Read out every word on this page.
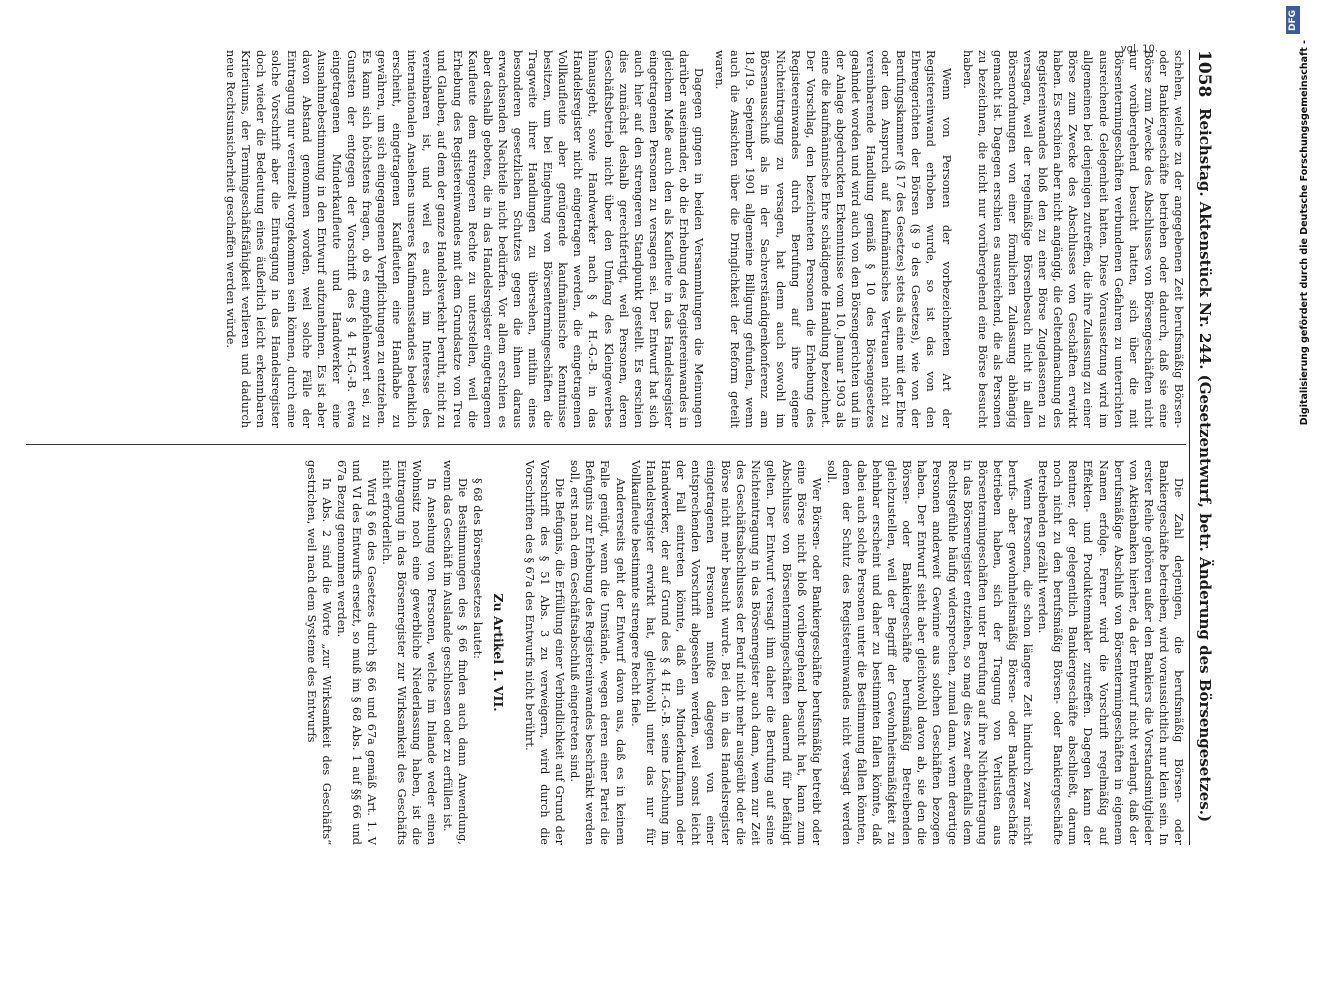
DFG
Digitalisierung gefördert durch die Deutsche Forschungsgemeinschaft -
1058
Reichstag. Aktenstück Nr. 244. (Gesetzentwurf, betr. Änderung des Börsengesetzes.)

schehen, welche zu der angegebenen Zeit berufsmäßig Börsen- oder Bankiergeschäfte betrieben oder dadurch, daß sie eine Börse zum Zwecke des Abschlusses von Börsengeschäften nicht nur vorübergehend besucht hatten, sich über die mit Börsentermingeschäften verbundenen Gefahren zu unterrichten ausreichende Gelegenheit hatten. Diese Voraussetzung wird im allgemeinen bei denjenigen zutreffen, die ihre Zulassung zu einer Börse zum Zwecke des Abschlusses von Geschäften erwirkt haben. Es erschien aber nicht angängig, die Geltendmachung des Registereinwandes bloß den zu einer Börse Zugelassenen zu versagen, weil der regelmäßige Börsenbesuch nicht in allen Börsenordnungen von einer förmlichen Zulassung abhängig gemacht ist. Dagegen erschien es ausreichend, die als Personen zu bezeichnen, die nicht nur vorübergehend eine Börse besucht haben.

Wenn von Personen der vorbezeichneten Art der Registereinwand erhoben wurde, so ist das von den Ehrengerichten der Börsen (§ 9 des Gesetzes), wie von der Berufungskammer (§ 17 des Gesetzes) stets als eine mit der Ehre oder dem Anspruch auf kaufmännisches Vertrauen nicht zu vereinbarende Handlung gemäß § 10 des Börsengesetzes geahndet worden und wird auch von den Börsengerichten und in der Anlage abgedruckten Erkenntnisse vom 10. Januar 1903 als eine die kaufmännische Ehre schädigende Handlung bezeichnet. Der Vorschlag, den bezeichneten Personen die Erhebung des Registereinwandes durch Berufung auf ihre eigene Nichteintragung zu versagen, hat denn auch sowohl im Börsenausschuß als in der Sachverständigenkonferenz am 18./19. September 1901 allgemeine Billigung gefunden, wenn auch die Ansichten über die Dringlichkeit der Reform geteilt waren.

Dagegen gingen in beiden Versammlungen die Meinungen darüber auseinander, ob die Erhebung des Registereinwandes in gleichem Maße auch den als Kaufleute in das Handelsregister eingetragenen Personen zu versagen sei. Der Entwurf hat sich auch hier auf den strengeren Standpunkt gestellt. Es erschien dies zunächst deshalb gerechtfertigt, weil Personen, deren Geschäftsbetrieb nicht über den Umfang des Kleingewerbes hinausgeht, sowie Handwerker nach § 4 H.-G.-B. in das Handelsregister nicht eingetragen werden, die eingetragenen Vollkaufleute aber genügende kaufmännische Kenntnisse besitzen, um bei Eingehung von Börsentermingeschäften die Tragweite ihrer Handlungen zu übersehen, mithin eines besonderen gesetzlichen Schutzes gegen die ihnen daraus erwachsenden Nachteile nicht bedürfen. Vor allem erschien es aber deshalb geboten, die in das Handelsregister eingetragenen Kaufleute dem strengeren Rechte zu unterstellen, weil die Erhebung des Registereinwandes mit dem Grundsatze von Treu und Glauben, auf dem der ganze Handelsverkehr beruht, nicht zu vereinbaren ist, und weil es auch im Interesse des internationalen Ansehens unseres Kaufmannsstandes bedenklich erscheint, eingetragenen Kaufleuten eine Handhabe zu gewähren, um sich eingegangenen Verpflichtungen zu entziehen. Es kann sich höchstens fragen, ob es empfehlenswert sei, zu Gunsten der entgegen der Vorschrift des § 4 H.-G.-B. etwa eingetragenen Minderkaufleute und Handwerker eine Ausnahmebestimmung in den Entwurf aufzunehmen. Es ist aber davon Abstand genommen worden, weil solche Fälle der Eintragung nur vereinzelt vorgekommen sein können, durch eine solche Vorschrift aber die Eintragung in das Handelsregister doch wieder die Bedeutung eines äußerlich leicht erkennbaren Kriteriums, der Termingeschäftsfähigkeit verlieren und dadurch neue Rechtsunsicherheit geschaffen werden würde.

vgl. 10.

Die Zahl derjenigen, die berufsmäßig Börsen- oder Bankiergeschäfte betreiben, wird voraussichtlich nur klein sein. In erster Reihe gehören außer den Bankiers die Vorstandsmitglieder von Aktienbanken hierher, da der Entwurf nicht verlangt, daß der berufsmäßige Abschluß von Börsentermingeschäften in eigenem Namen erfolge. Ferner wird die Vorschrift regelmäßig auf Effekten- und Produktenmakler zutreffen. Dagegen kann der Rentner, der gelegentlich Bankiergeschäfte abschließt, darum noch nicht zu den berufsmäßig Börsen- oder Bankiergeschäfte Betreibenden gezählt werden.

Wenn Personen, die schon längere Zeit hindurch zwar nicht berufs- aber gewohnheitsmäßig Börsen- oder Bankiergeschäfte betrieben haben, sich der Tragung von Verlusten aus Börsentermingeschäften unter Berufung auf ihre Nichteintragung in das Börsenregister entziehen, so mag dies zwar ebenfalls dem Rechtsgefühle häufig widersprechen, zumal dann, wenn derartige Personen anderweit Gewinne aus solchen Geschäften bezogen haben. Der Entwurf sieht aber gleichwohl davon ab, sie den die Börsen- oder Bankiergeschäfte berufsmäßig Betreibenden gleichzustellen, weil der Begriff der Gewohnheitsmäßigkeit zu behnbar erscheint und daher zu bestimmten fallen könnte, daß dabei auch solche Personen unter die Bestimmung fallen könnten, denen der Schutz des Registereinwandes nicht versagt werden soll.

Wer Börsen- oder Bankiergeschäfte berufsmäßig betreibt oder eine Börse nicht bloß vorübergehend besucht hat, kann zum Abschlusse von Börsentermingeschäften dauernd für befähigt gelten. Der Entwurf versagt ihm daher die Berufung auf seine Nichteintragung in das Börsenregister auch dann, wenn zur Zeit des Geschäftsabschlusses der Beruf nicht mehr ausgeübt oder die Börse nicht mehr besucht wurde. Bei den in das Handelsregister eingetragenen Personen mußte dagegen von einer entsprechenden Vorschrift abgesehen werden, weil sonst leicht der Fall eintreten könnte, daß ein Minderkaufmann oder Handwerker, der auf Grund des § 4 H.-G.-B. seine Löschung im Handelsregister erwirkt hat, gleichwohl unter das nur für Vollkaufleute bestimmte strengere Recht fiele.

Andererseits geht der Entwurf davon aus, daß es in keinem Falle genügt, wenn die Umstände, wegen deren einer Partei die Befugnis zur Erhebung des Registereinwandes beschränkt werden soll, erst nach dem Geschäftsabschluß eingetreten sind.

Die Befugnis, die Erfüllung einer Verbindlichkeit auf Grund der Vorschrift des § 51 Abs. 3 zu verweigern, wird durch die Vorschriften des § 67a des Entwurfs nicht berührt.

Zu Artikel 1. VII.

§ 68 des Börsengesetzes lautet:

Die Bestimmungen des § 66 finden auch dann Anwendung, wenn das Geschäft im Auslande geschlossen oder zu erfüllen ist.

In Ansehung von Personen, welche im Inlande weder einen Wohnsitz noch eine gewerbliche Niederlassung haben, ist die Eintragung in das Börsenregister zur Wirksamkeit des Geschäfts nicht erforderlich.

Wird § 66 des Gesetzes durch §§ 66 und 67a gemäß Art. 1. V und VI des Entwurfs ersetzt, so muß im § 68 Abs. 1 auf §§ 66 und 67a Bezug genommen werden.

In Abs. 2 sind die Worte „zur Wirksamkeit des Geschäfts“ gestrichen, weil nach dem Systeme des Entwurfs
